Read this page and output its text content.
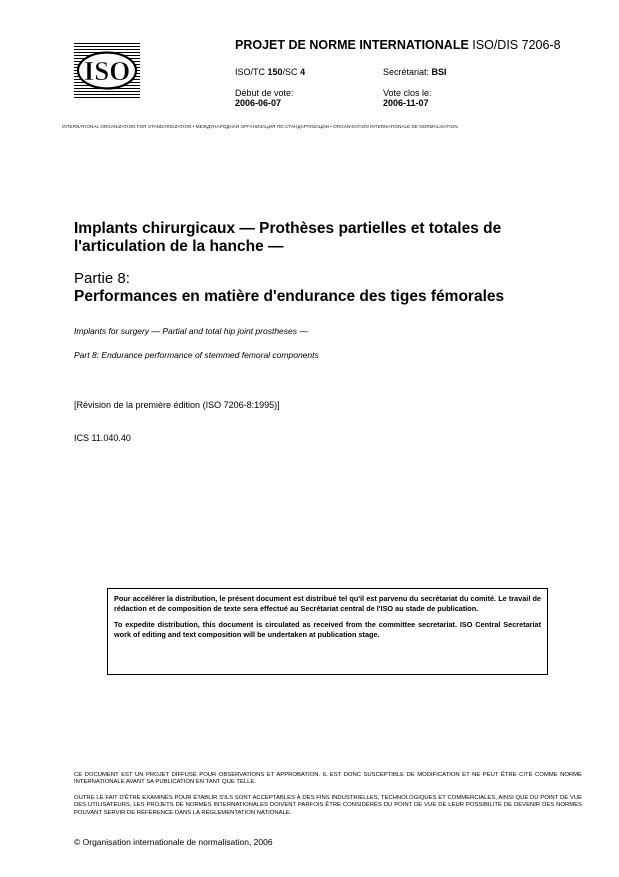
ISO
PROJET DE NORME INTERNATIONALE ISO/DIS 7206-8
ISO/TC 150/SC 4	Secrétariat: BSI
Début de vote:
2006-06-07
Vote clos le:
2006-11-07
INTERNATIONAL ORGANIZATION FOR STANDARDIZATION • МЕЖДУНАРОДНАЯ ОРГАНИЗАЦИЯ ПО СТАНДАРТИЗАЦИИ • ORGANISATION INTERNATIONALE DE NORMALISATION
Implants chirurgicaux — Prothèses partielles et totales de l'articulation de la hanche —
Partie 8:
Performances en matière d'endurance des tiges fémorales
Implants for surgery — Partial and total hip joint prostheses —
Part 8: Endurance performance of stemmed femoral components
[Révision de la première édition (ISO 7206-8:1995)]
ICS 11.040.40

Pour accélérer la distribution, le présent document est distribué tel qu'il est parvenu du secrétariat du comité. Le travail de rédaction et de composition de texte sera effectué au Secrétariat central de l'ISO au stade de publication.

To expedite distribution, this document is circulated as received from the committee secretariat. ISO Central Secretariat work of editing and text composition will be undertaken at publication stage.

CE DOCUMENT EST UN PROJET DIFFUSÉ POUR OBSERVATIONS ET APPROBATION. IL EST DONC SUSCEPTIBLE DE MODIFICATION ET NE PEUT ÊTRE CITÉ COMME NORME INTERNATIONALE AVANT SA PUBLICATION EN TANT QUE TELLE.
OUTRE LE FAIT D'ÊTRE EXAMINÉS POUR ÉTABLIR S'ILS SONT ACCEPTABLES À DES FINS INDUSTRIELLES, TECHNOLOGIQUES ET COMMERCIALES, AINSI QUE DU POINT DE VUE DES UTILISATEURS, LES PROJETS DE NORMES INTERNATIONALES DOIVENT PARFOIS ÊTRE CONSIDÉRÉS DU POINT DE VUE DE LEUR POSSIBILITÉ DE DEVENIR DES NORMES POUVANT SERVIR DE RÉFÉRENCE DANS LA RÉGLEMENTATION NATIONALE.
© Organisation internationale de normalisation, 2006
